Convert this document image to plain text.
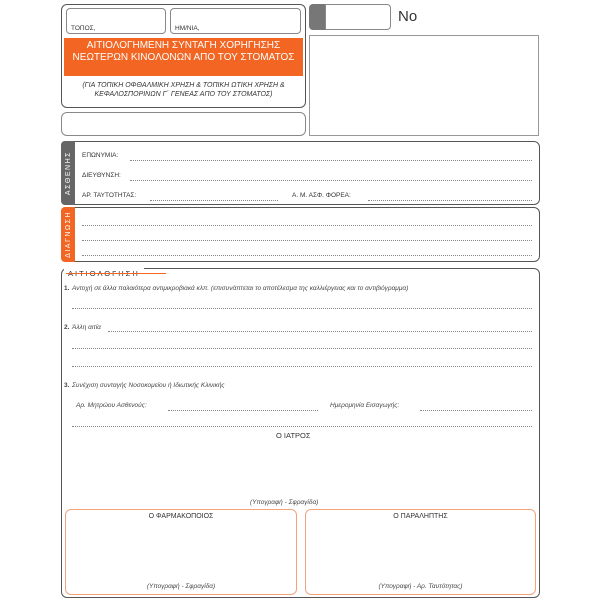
ΤΟΠΟΣ,	ΗΜ/ΝΙΑ,
ΑΙΤΙΟΛΟΓΗΜΕΝΗ ΣΥΝΤΑΓΗ ΧΟΡΗΓΗΣΗΣ
ΝΕΩΤΕΡΩΝ ΚΙΝΟΛΟΝΩΝ ΑΠΟ ΤΟΥ ΣΤΟΜΑΤΟΣ
(ΓΙΑ ΤΟΠΙΚΗ ΟΦΘΑΛΜΙΚΗ ΧΡΗΣΗ & ΤΟΠΙΚΗ ΩΤΙΚΗ ΧΡΗΣΗ &
ΚΕΦΑΛΟΣΠΟΡΙΝΩΝ Γ΄ ΓΕΝΕΑΣ ΑΠΟ ΤΟΥ ΣΤΟΜΑΤΟΣ)
Νο
ΑΣΘΕΝΗΣ ΕΠΩΝΥΜΙΑ:
ΔΙΕΥΘΥΝΣΗ:
ΑΡ. ΤΑΥΤΟΤΗΤΑΣ:	Α. Μ. ΑΣΦ. ΦΟΡΕΑ:
ΔΙΑΓΝΩΣΗ
ΑΙΤΙΟΛΟΓΗΣΗ
1. Αντοχή σε άλλα παλαιότερα αντιμικροβιακά κλπ. (επισυνάπτεται το αποτέλεσμα της καλλιέργειας και το αντιβιόγραμμα)
2. Άλλη αιτία
3. Συνέχιση συνταγής Νοσοκομείου ή Ιδιωτικής Κλινικής
Αρ. Μητρώου Ασθενούς:	Ημερομηνία Εισαγωγής:
Ο ΙΑΤΡΟΣ
(Υπογραφή - Σφραγίδα)
Ο ΦΑΡΜΑΚΟΠΟΙΟΣ
(Υπογραφή - Σφραγίδα)
Ο ΠΑΡΑΛΗΠΤΗΣ
(Υπογραφή - Αρ. Ταυτότητας)
